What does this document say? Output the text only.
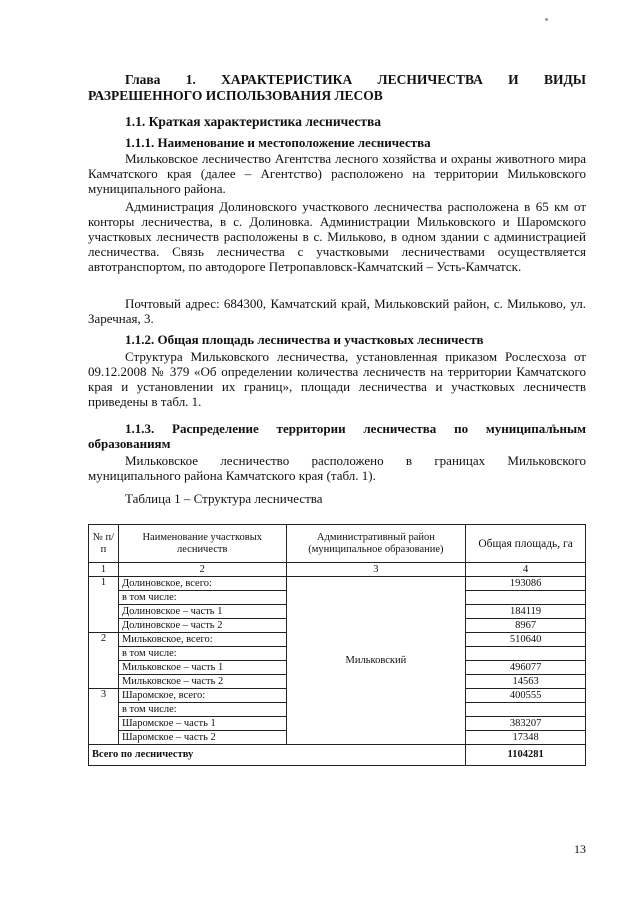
Глава 1. ХАРАКТЕРИСТИКА ЛЕСНИЧЕСТВА И ВИДЫ
РАЗРЕШЕННОГО ИСПОЛЬЗОВАНИЯ ЛЕСОВ
1.1. Краткая характеристика лесничества
1.1.1. Наименование и местоположение лесничества
Мильковское лесничество Агентства лесного хозяйства и охраны животного мира Камчатского края (далее – Агентство) расположено на территории Мильковского муниципального района.
Администрация Долиновского участкового лесничества расположена в 65 км от конторы лесничества, в с. Долиновка. Администрации Мильковского и Шаромского участковых лесничеств расположены в с. Мильково, в одном здании с администрацией лесничества. Связь лесничества с участковыми лесничествами осуществляется автотранспортом, по автодороге Петропавловск-Камчатский – Усть-Камчатск.
Почтовый адрес: 684300, Камчатский край, Мильковский район, с. Мильково, ул. Заречная, 3.
1.1.2. Общая площадь лесничества и участковых лесничеств
Структура Мильковского лесничества, установленная приказом Рослесхоза от 09.12.2008 № 379 «Об определении количества лесничеств на территории Камчатского края и установлении их границ», площади лесничества и участковых лесничеств приведены в табл. 1.
1.1.3. Распределение территории лесничества по муниципальным образованиям
Мильковское лесничество расположено в границах Мильковского муниципального района Камчатского края (табл. 1).
Таблица 1 – Структура лесничества
№ п/п	Наименование участковых лесничеств	Административный район (муниципальное образование)	Общая площадь, га
1	2	3	4
1	Долиновское, всего:	Мильковский	193086
	в том числе:		
	Долиновское – часть 1		184119
	Долиновское – часть 2		8967
2	Мильковское, всего:		510640
	в том числе:		
	Мильковское – часть 1		496077
	Мильковское – часть 2		14563
3	Шаромское, всего:		400555
	в том числе:		
	Шаромское – часть 1		383207
	Шаромское – часть 2		17348
Всего по лесничеству			1104281
13
